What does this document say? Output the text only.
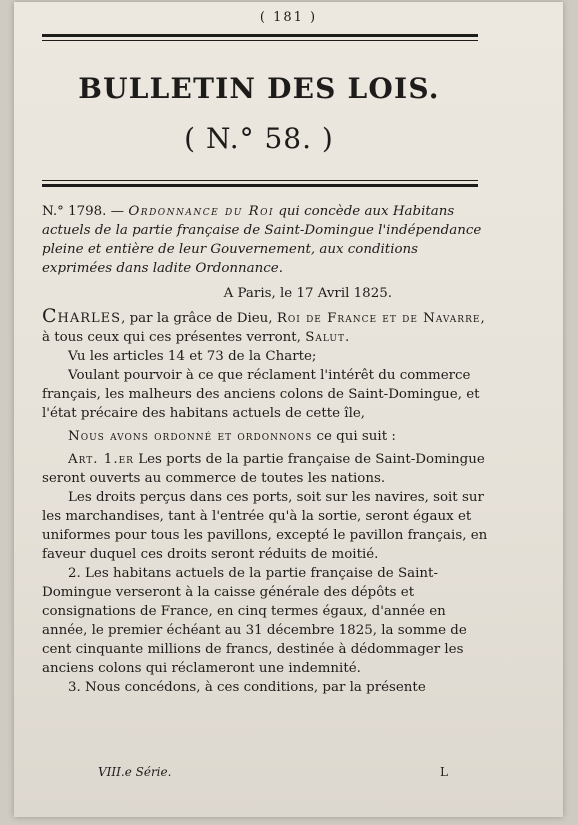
( 181 )
BULLETIN DES LOIS.
( N.° 58. )

N.° 1798. — Ordonnance du Roi qui concède aux Habitans actuels de la partie française de Saint-Domingue l'indépendance pleine et entière de leur Gouvernement, aux conditions exprimées dans ladite Ordonnance.

A Paris, le 17 Avril 1825.

Charles, par la grâce de Dieu, Roi de France et de Navarre, à tous ceux qui ces présentes verront, Salut.

Vu les articles 14 et 73 de la Charte;

Voulant pourvoir à ce que réclament l'intérêt du commerce français, les malheurs des anciens colons de Saint-Domingue, et l'état précaire des habitans actuels de cette île,

Nous avons ordonné et ordonnons ce qui suit :

Art. 1.er Les ports de la partie française de Saint-Domingue seront ouverts au commerce de toutes les nations.

Les droits perçus dans ces ports, soit sur les navires, soit sur les marchandises, tant à l'entrée qu'à la sortie, seront égaux et uniformes pour tous les pavillons, excepté le pavillon français, en faveur duquel ces droits seront réduits de moitié.

2. Les habitans actuels de la partie française de Saint-Domingue verseront à la caisse générale des dépôts et consignations de France, en cinq termes égaux, d'année en année, le premier échéant au 31 décembre 1825, la somme de cent cinquante millions de francs, destinée à dédommager les anciens colons qui réclameront une indemnité.

3. Nous concédons, à ces conditions, par la présente

VIII.e Série.	L
